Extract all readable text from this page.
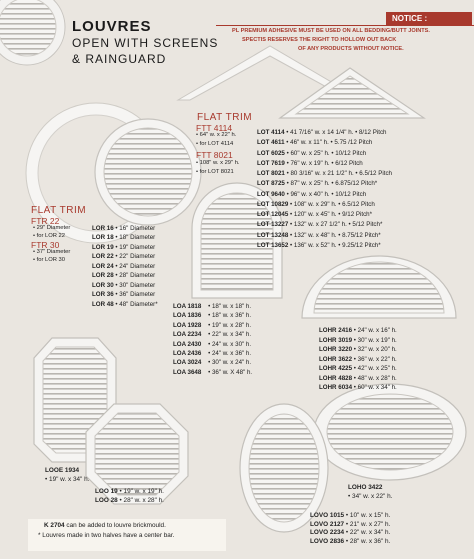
LOUVRES
OPEN WITH SCREENS
& RAINGUARD
NOTICE :
PL PREMIUM ADHESIVE MUST BE USED ON ALL BEDDING/BUTT JOINTS.
SPECTIS RESERVES THE RIGHT TO HOLLOW OUT BACK
OF ANY PRODUCTS WITHOUT NOTICE.
FLAT TRIM
FTR 22
• 29" Diameter
• for LOR 22
FTR 30
• 37" Diameter
• for LOR 30
FLAT TRIM
FTT 4114
• 64" w. x 22" h.
• for LOT 4114
FTT 8021
• 108" w. x 29" h.
• for LOT 8021
LOR 16 • 16" Diameter
LOR 18 • 18" Diameter
LOR 19 • 19" Diameter
LOR 22 • 22" Diameter
LOR 24 • 24" Diameter
LOR 28 • 28" Diameter
LOR 30 • 30" Diameter
LOR 36 • 36" Diameter
LOR 48 • 48" Diameter*
LOT 4114 • 41 7/16" w. x 14 1/4" h. • 8/12 Pitch
LOT 4611 • 46" w. x 11" h. • 5.75 /12 Pitch
LOT 6025 • 60" w. x 25" h. • 10/12 Pitch
LOT 7619 • 76" w. x 19" h. • 6/12 Pitch
LOT 8021 • 80 3/16" w. x 21 1/2" h. • 6.5/12 Pitch
LOT 8725 • 87" w. x 25" h. • 6.875/12 Pitch*
LOT 9640 • 96" w. x 40" h. • 10/12 Pitch
LOT 10829 • 108" w. x 29" h. • 6.5/12 Pitch
LOT 12045 • 120" w. x 45" h. • 9/12 Pitch*
LOT 13227 • 132" w. x 27 1/2" h. • 5/12 Pitch*
LOT 13248 • 132" w. x 48" h. • 8.75/12 Pitch*
LOT 13652 • 136" w. x 52" h. • 9.25/12 Pitch*
LOA 1818 • 18" w. x 18" h.
LOA 1836 • 18" w. x 36" h.
LOA 1928 • 19" w. x 28" h.
LOA 2234 • 22" w. x 34" h.
LOA 2430 • 24" w. x 30" h.
LOA 2436 • 24" w. x 36" h.
LOA 3024 • 30" w. x 24" h.
LOA 3648 • 36" w. X 48" h.
LOHR 2416 • 24" w. x 16" h.
LOHR 3019 • 30" w. x 19" h.
LOHR 3220 • 32" w. x 20" h.
LOHR 3622 • 36" w. x 22" h.
LOHR 4225 • 42" w. x 25" h.
LOHR 4828 • 48" w. x 28" h.
LOHR 6034 • 60" w. x 34" h.
LOOE 1934
• 19" w. x 34" h.
LOO 19 • 19" w. x 19" h.
LOO 28 • 28" w. x 28" h.
LOHO 3422
• 34" w. x 22" h.
LOVO 1015 • 10" w. x 15" h.
LOVO 2127 • 21" w. x 27" h.
LOVO 2234 • 22" w. x 34" h.
LOVO 2836 • 28" w. x 36" h.
K 2704 can be added to louvre brickmould.
* Louvres made in two halves have a center bar.
